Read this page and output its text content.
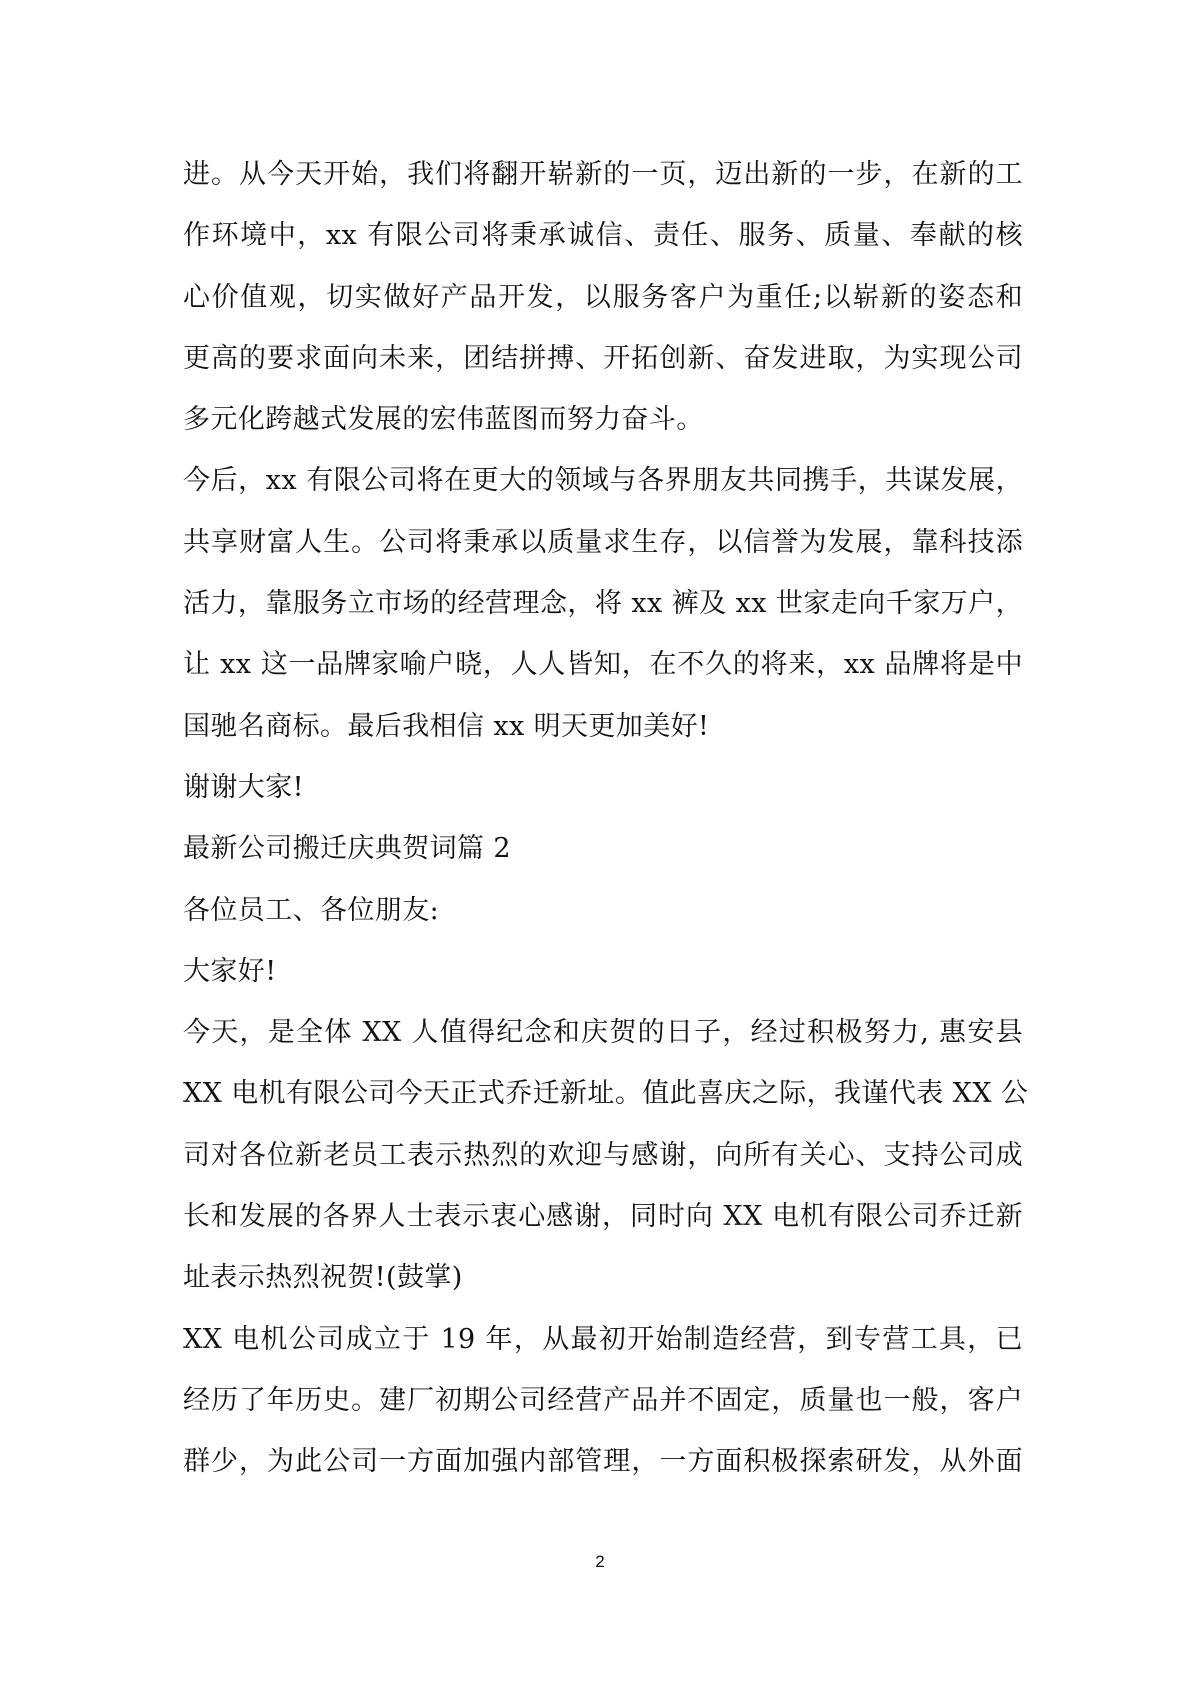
进。从今天开始，我们将翻开崭新的一页，迈出新的一步，在新的工
作环境中，xx 有限公司将秉承诚信、责任、服务、质量、奉献的核
心价值观，切实做好产品开发，以服务客户为重任;以崭新的姿态和
更高的要求面向未来，团结拼搏、开拓创新、奋发进取，为实现公司
多元化跨越式发展的宏伟蓝图而努力奋斗。
今后，xx 有限公司将在更大的领域与各界朋友共同携手，共谋发展，
共享财富人生。公司将秉承以质量求生存，以信誉为发展，靠科技添
活力，靠服务立市场的经营理念，将 xx 裤及 xx 世家走向千家万户，
让 xx 这一品牌家喻户晓，人人皆知，在不久的将来，xx 品牌将是中
国驰名商标。最后我相信 xx 明天更加美好!
谢谢大家!
最新公司搬迁庆典贺词篇 2
各位员工、各位朋友:
大家好!
今天，是全体 XX 人值得纪念和庆贺的日子，经过积极努力, 惠安县
XX 电机有限公司今天正式乔迁新址。值此喜庆之际，我谨代表 XX 公
司对各位新老员工表示热烈的欢迎与感谢，向所有关心、支持公司成
长和发展的各界人士表示衷心感谢，同时向 XX 电机有限公司乔迁新
址表示热烈祝贺!(鼓掌)
XX 电机公司成立于 19 年，从最初开始制造经营，到专营工具，已
经历了年历史。建厂初期公司经营产品并不固定，质量也一般，客户
群少，为此公司一方面加强内部管理，一方面积极探索研发，从外面
2
